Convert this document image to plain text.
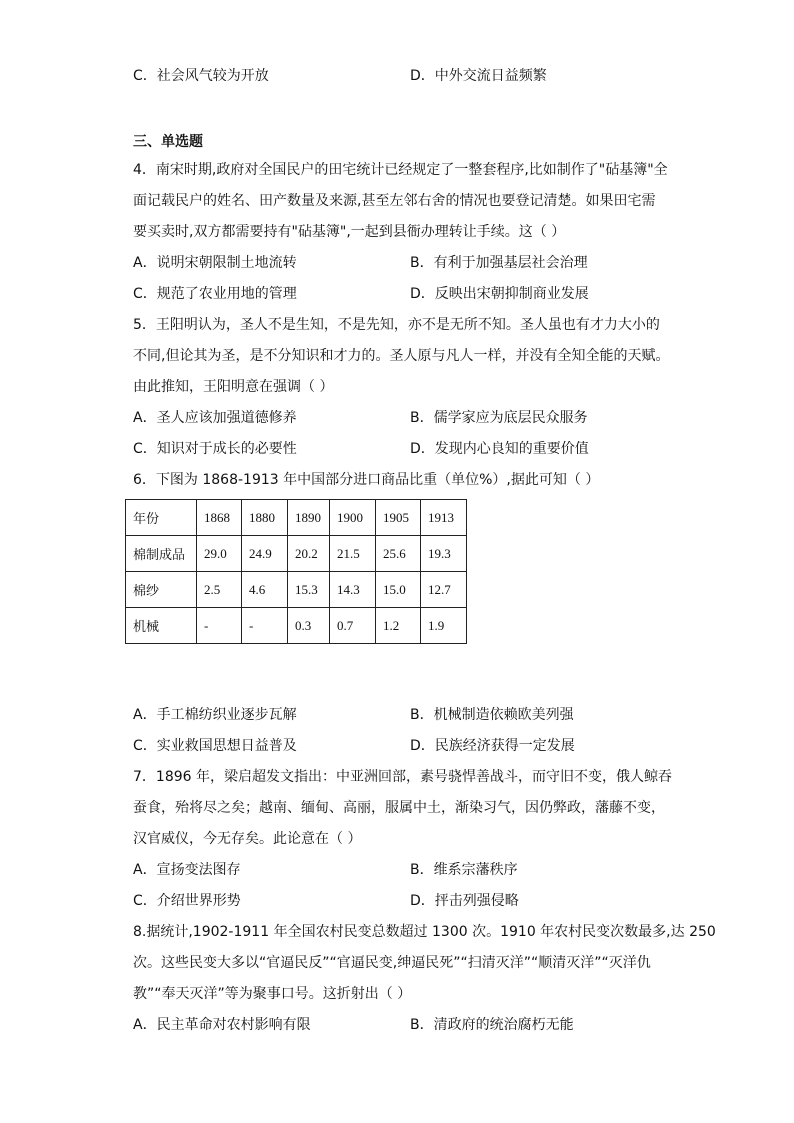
C．社会风气较为开放	D．中外交流日益频繁
三、单选题
4．南宋时期,政府对全国民户的田宅统计已经规定了一整套程序,比如制作了"砧基簿"全
面记载民户的姓名、田产数量及来源,甚至左邻右舍的情况也要登记清楚。如果田宅需
要买卖时,双方都需要持有"砧基簿",一起到县衙办理转让手续。这（ ）
A．说明宋朝限制土地流转	B．有利于加强基层社会治理
C．规范了农业用地的管理	D．反映出宋朝抑制商业发展
5．王阳明认为，圣人不是生知，不是先知，亦不是无所不知。圣人虽也有才力大小的
不同,但论其为圣，是不分知识和才力的。圣人原与凡人一样，并没有全知全能的天赋。
由此推知，王阳明意在强调（ ）
A．圣人应该加强道德修养	B．儒学家应为底层民众服务
C．知识对于成长的必要性	D．发现内心良知的重要价值
6．下图为 1868-1913 年中国部分进口商品比重（单位%）,据此可知（ ）
年份	1868	1880	1890	1900	1905	1913
棉制成品	29.0	24.9	20.2	21.5	25.6	19.3
棉纱	2.5	4.6	15.3	14.3	15.0	12.7
机械	-	-	0.3	0.7	1.2	1.9
A．手工棉纺织业逐步瓦解	B．机械制造依赖欧美列强
C．实业救国思想日益普及	D．民族经济获得一定发展
7．1896 年，梁启超发文指出：中亚洲回部，素号骁悍善战斗，而守旧不变，俄人鲸吞
蚕食，殆将尽之矣；越南、缅甸、高丽，服属中土，渐染习气，因仍弊政，藩藤不变，
汉官威仪，今无存矣。此论意在（ ）
A．宣扬变法图存	B．维系宗藩秩序
C．介绍世界形势	D．抨击列强侵略
8.据统计,1902-1911 年全国农村民变总数超过 1300 次。1910 年农村民变次数最多,达 250
次。这些民变大多以“官逼民反”“官逼民变,绅逼民死”“扫清灭洋”“顺清灭洋”“灭洋仇
教”“奉天灭洋”等为聚事口号。这折射出（ ）
A．民主革命对农村影响有限	B．清政府的统治腐朽无能
